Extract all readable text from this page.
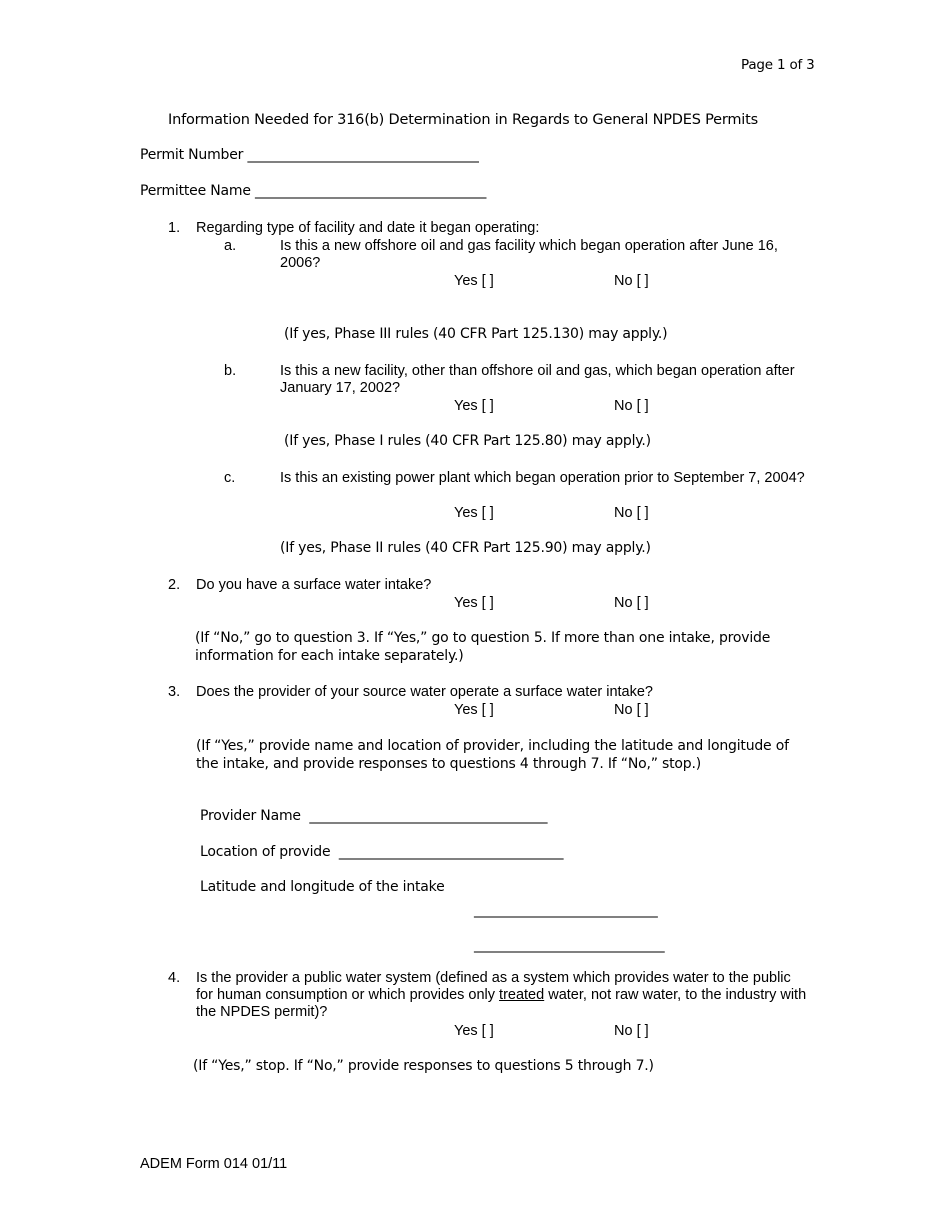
Page 1 of 3
Information Needed for 316(b) Determination in Regards to General NPDES Permits
Permit Number __________________________________
Permittee Name __________________________________
1. Regarding type of facility and date it began operating:
a.	Is this a new offshore oil and gas facility which began operation after June 16, 2006?
Yes [ ]	No [ ]
(If yes, Phase III rules (40 CFR Part 125.130) may apply.)
b.	Is this a new facility, other than offshore oil and gas, which began operation after January 17, 2002?
Yes [ ]	No [ ]
(If yes, Phase I rules (40 CFR Part 125.80) may apply.)
c.	Is this an existing power plant which began operation prior to September 7, 2004?
Yes [ ]	No [ ]
(If yes, Phase II rules (40 CFR Part 125.90) may apply.)
2. Do you have a surface water intake?
Yes [ ]	No [ ]
(If “No,” go to question 3. If “Yes,” go to question 5. If more than one intake, provide information for each intake separately.)
3. Does the provider of your source water operate a surface water intake?
Yes [ ]	No [ ]
(If “Yes,” provide name and location of provider, including the latitude and longitude of the intake, and provide responses to questions 4 through 7. If “No,” stop.)
Provider Name ___________________________________
Location of provide _________________________________
Latitude and longitude of the intake
___________________________
____________________________
4. Is the provider a public water system (defined as a system which provides water to the public for human consumption or which provides only treated water, not raw water, to the industry with the NPDES permit)?
Yes [ ]	No [ ]
(If “Yes,” stop. If “No,” provide responses to questions 5 through 7.)
ADEM Form 014 01/11
